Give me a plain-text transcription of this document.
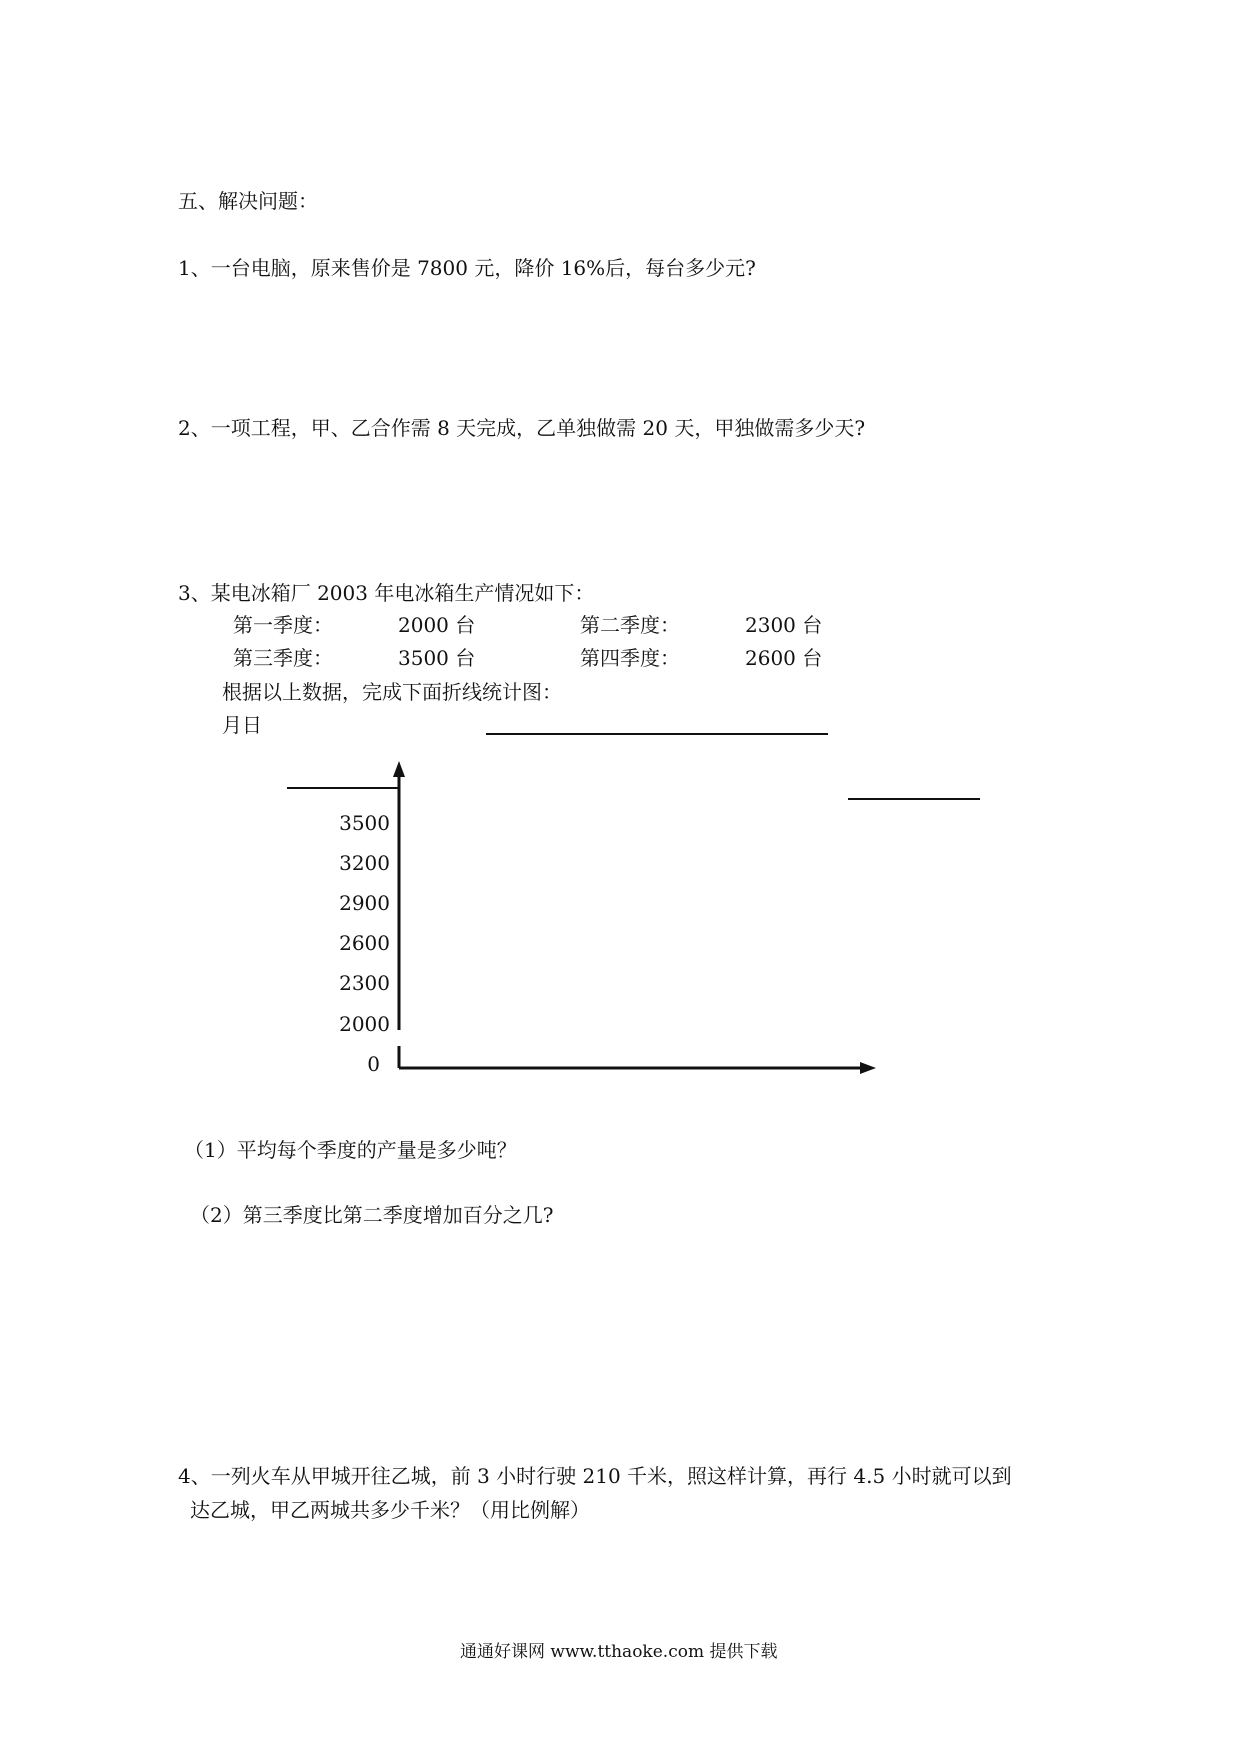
五、解决问题：
1、一台电脑，原来售价是 7800 元，降价 16%后，每台多少元?
2、一项工程，甲、乙合作需 8 天完成，乙单独做需 20 天，甲独做需多少天?
3、某电冰箱厂 2003 年电冰箱生产情况如下：
第一季度：	2000 台	第二季度：	2300 台
第三季度：	3500 台	第四季度：	2600 台
根据以上数据，完成下面折线统计图：
月日
3500
3200
2900
2600
2300
2000
0
（1）平均每个季度的产量是多少吨？
（2）第三季度比第二季度增加百分之几?
4、一列火车从甲城开往乙城，前 3 小时行驶 210 千米，照这样计算，再行 4.5 小时就可以到
达乙城，甲乙两城共多少千米？（用比例解）
通通好课网 www.tthaoke.com 提供下载
